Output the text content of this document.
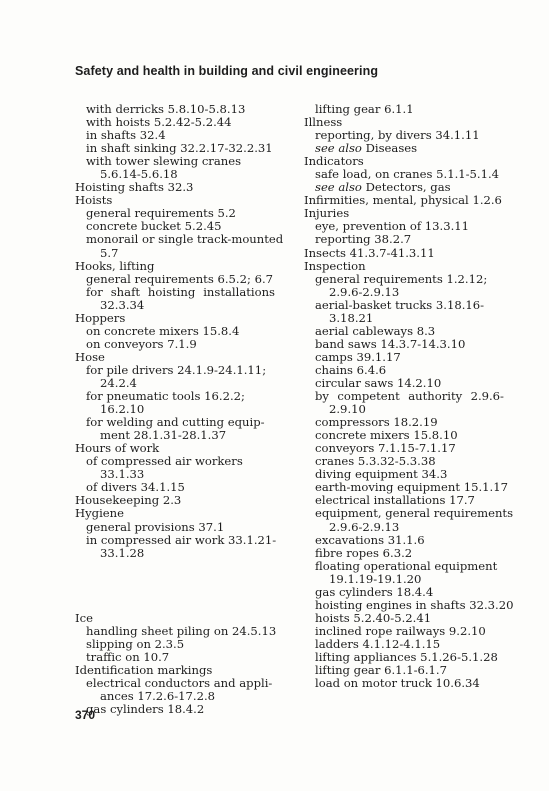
Safety and health in building and civil engineering
with derricks 5.8.10-5.8.13
with hoists 5.2.42-5.2.44
in shafts 32.4
in shaft sinking 32.2.17-32.2.31
with tower slewing cranes
5.6.14-5.6.18
Hoisting shafts 32.3
Hoists
general requirements 5.2
concrete bucket 5.2.45
monorail or single track-mounted
5.7
Hooks, lifting
general requirements 6.5.2; 6.7
for shaft hoisting installations
32.3.34
Hoppers
on concrete mixers 15.8.4
on conveyors 7.1.9
Hose
for pile drivers 24.1.9-24.1.11;
24.2.4
for pneumatic tools 16.2.2;
16.2.10
for welding and cutting equip-
ment 28.1.31-28.1.37
Hours of work
of compressed air workers
33.1.33
of divers 34.1.15
Housekeeping 2.3
Hygiene
general provisions 37.1
in compressed air work 33.1.21-
33.1.28
Ice
handling sheet piling on 24.5.13
slipping on 2.3.5
traffic on 10.7
Identification markings
electrical conductors and appli-
ances 17.2.6-17.2.8
gas cylinders 18.4.2
lifting gear 6.1.1
Illness
reporting, by divers 34.1.11
see also Diseases
Indicators
safe load, on cranes 5.1.1-5.1.4
see also Detectors, gas
Infirmities, mental, physical 1.2.6
Injuries
eye, prevention of 13.3.11
reporting 38.2.7
Insects 41.3.7-41.3.11
Inspection
general requirements 1.2.12;
2.9.6-2.9.13
aerial-basket trucks 3.18.16-
3.18.21
aerial cableways 8.3
band saws 14.3.7-14.3.10
camps 39.1.17
chains 6.4.6
circular saws 14.2.10
by competent authority 2.9.6-
2.9.10
compressors 18.2.19
concrete mixers 15.8.10
conveyors 7.1.15-7.1.17
cranes 5.3.32-5.3.38
diving equipment 34.3
earth-moving equipment 15.1.17
electrical installations 17.7
equipment, general requirements
2.9.6-2.9.13
excavations 31.1.6
fibre ropes 6.3.2
floating operational equipment
19.1.19-19.1.20
gas cylinders 18.4.4
hoisting engines in shafts 32.3.20
hoists 5.2.40-5.2.41
inclined rope railways 9.2.10
ladders 4.1.12-4.1.15
lifting appliances 5.1.26-5.1.28
lifting gear 6.1.1-6.1.7
load on motor truck 10.6.34
370
